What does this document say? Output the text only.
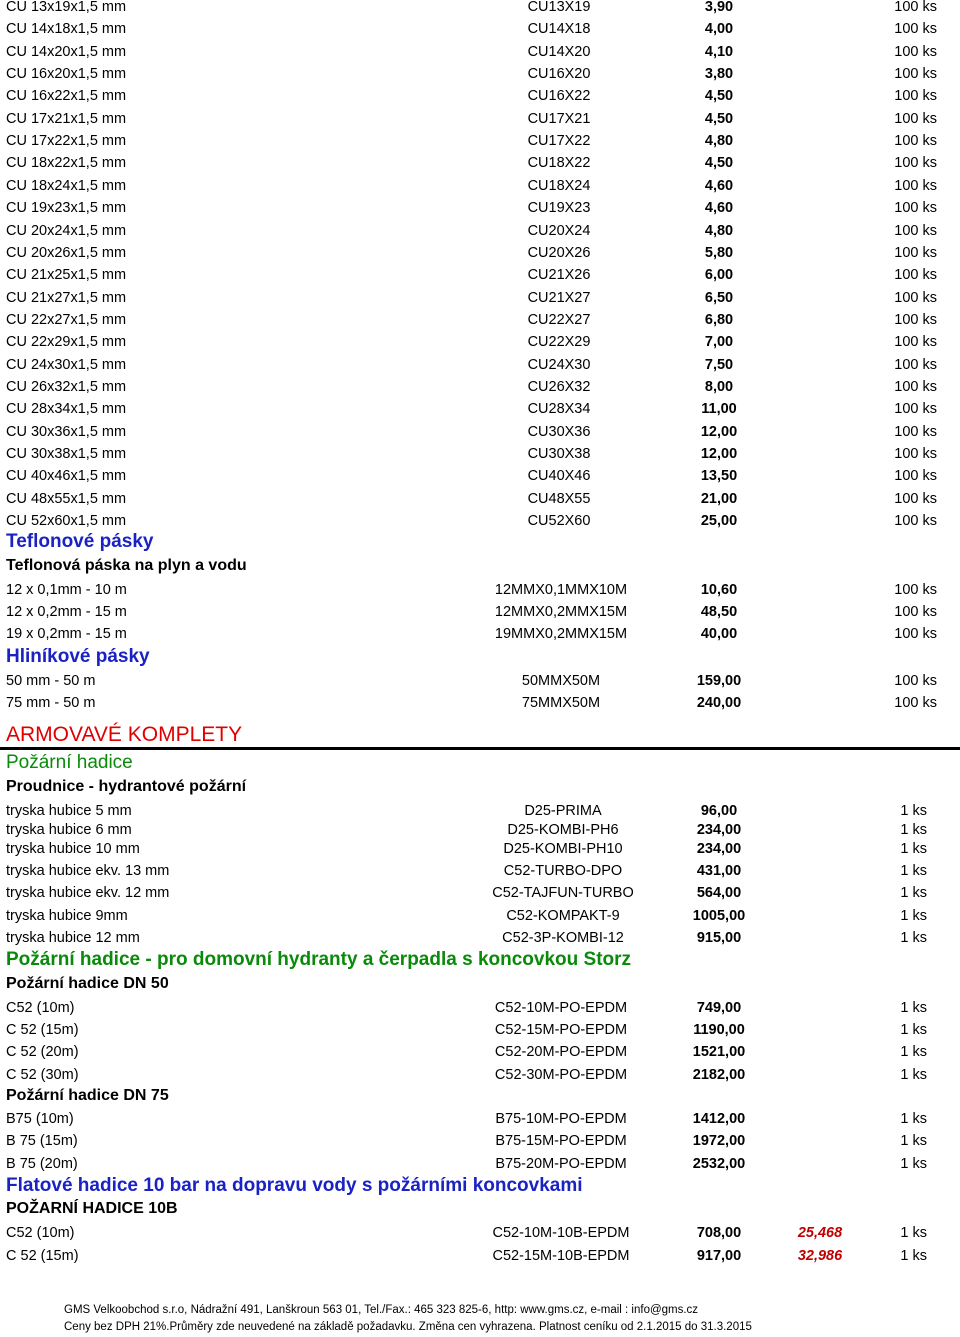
CU 13x19x1,5 mm	CU13X19	3,90	100 ks
CU 14x18x1,5 mm	CU14X18	4,00	100 ks
CU 14x20x1,5 mm	CU14X20	4,10	100 ks
CU 16x20x1,5 mm	CU16X20	3,80	100 ks
CU 16x22x1,5 mm	CU16X22	4,50	100 ks
CU 17x21x1,5 mm	CU17X21	4,50	100 ks
CU 17x22x1,5 mm	CU17X22	4,80	100 ks
CU 18x22x1,5 mm	CU18X22	4,50	100 ks
CU 18x24x1,5 mm	CU18X24	4,60	100 ks
CU 19x23x1,5 mm	CU19X23	4,60	100 ks
CU 20x24x1,5 mm	CU20X24	4,80	100 ks
CU 20x26x1,5 mm	CU20X26	5,80	100 ks
CU 21x25x1,5 mm	CU21X26	6,00	100 ks
CU 21x27x1,5 mm	CU21X27	6,50	100 ks
CU 22x27x1,5 mm	CU22X27	6,80	100 ks
CU 22x29x1,5 mm	CU22X29	7,00	100 ks
CU 24x30x1,5 mm	CU24X30	7,50	100 ks
CU 26x32x1,5 mm	CU26X32	8,00	100 ks
CU 28x34x1,5 mm	CU28X34	11,00	100 ks
CU 30x36x1,5 mm	CU30X36	12,00	100 ks
CU 30x38x1,5 mm	CU30X38	12,00	100 ks
CU 40x46x1,5 mm	CU40X46	13,50	100 ks
CU 48x55x1,5 mm	CU48X55	21,00	100 ks
CU 52x60x1,5 mm	CU52X60	25,00	100 ks
Teflonové pásky
Teflonová páska na plyn a vodu
12 x 0,1mm - 10 m	12MMX0,1MMX10M	10,60	100 ks
12 x 0,2mm - 15 m	12MMX0,2MMX15M	48,50	100 ks
19 x 0,2mm - 15 m	19MMX0,2MMX15M	40,00	100 ks
Hliníkové pásky
50 mm - 50 m	50MMX50M	159,00	100 ks
75 mm - 50 m	75MMX50M	240,00	100 ks
ARMOVAVÉ KOMPLETY
Požární hadice
Proudnice - hydrantové požární
tryska hubice 5 mm	D25-PRIMA	96,00	1 ks
tryska hubice 6 mm	D25-KOMBI-PH6	234,00	1 ks
tryska hubice 10 mm	D25-KOMBI-PH10	234,00	1 ks
tryska hubice ekv. 13 mm	C52-TURBO-DPO	431,00	1 ks
tryska hubice ekv. 12 mm	C52-TAJFUN-TURBO	564,00	1 ks
tryska hubice 9mm	C52-KOMPAKT-9	1005,00	1 ks
tryska hubice 12 mm	C52-3P-KOMBI-12	915,00	1 ks
Požární hadice - pro domovní hydranty a čerpadla s koncovkou Storz
Požární hadice DN 50
C52 (10m)	C52-10M-PO-EPDM	749,00	1 ks
C 52 (15m)	C52-15M-PO-EPDM	1190,00	1 ks
C 52 (20m)	C52-20M-PO-EPDM	1521,00	1 ks
C 52 (30m)	C52-30M-PO-EPDM	2182,00	1 ks
Požární hadice DN 75
B75 (10m)	B75-10M-PO-EPDM	1412,00	1 ks
B 75 (15m)	B75-15M-PO-EPDM	1972,00	1 ks
B 75 (20m)	B75-20M-PO-EPDM	2532,00	1 ks
Flatové hadice 10 bar na dopravu vody s požárními koncovkami
POŽARNÍ HADICE 10B
C52 (10m)	C52-10M-10B-EPDM	708,00	25,468	1 ks
C 52 (15m)	C52-15M-10B-EPDM	917,00	32,986	1 ks
GMS Velkoobchod s.r.o, Nádražní 491, Lanškroun 563 01, Tel./Fax.: 465 323 825-6, http: www.gms.cz, e-mail : info@gms.cz
Ceny bez DPH 21%.Průměry zde neuvedené na základě požadavku. Změna cen vyhrazena. Platnost ceníku od 2.1.2015 do 31.3.2015
